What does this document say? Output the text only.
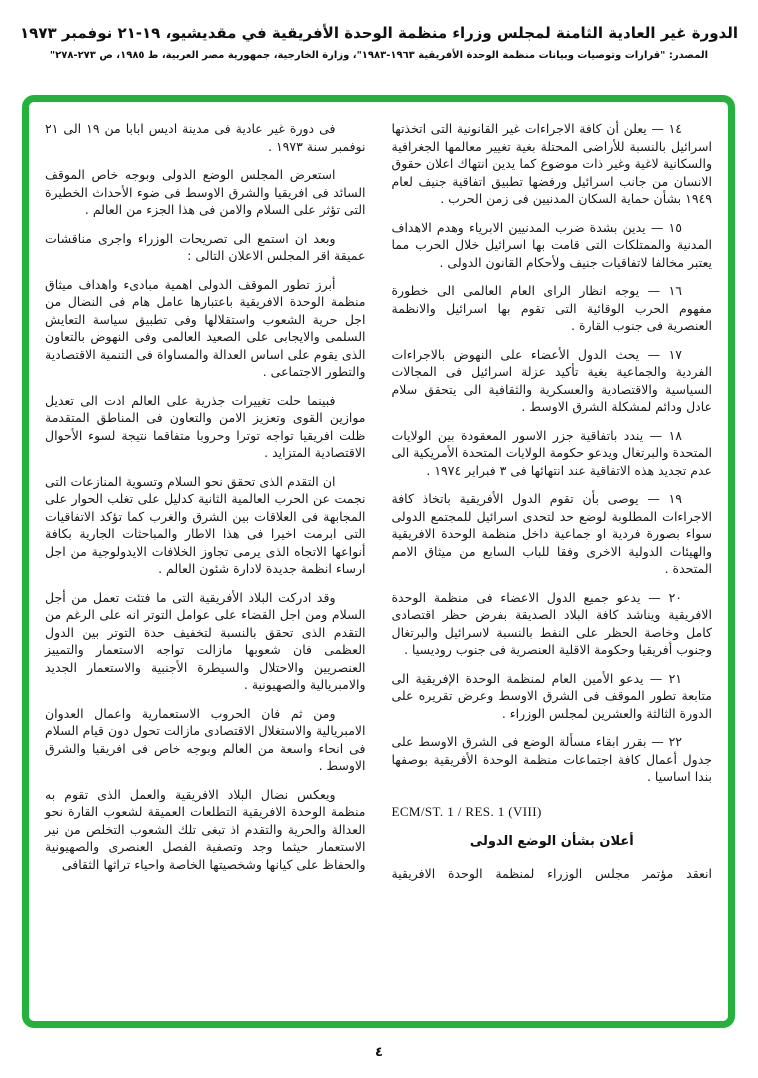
الدورة غير العادية الثامنة لمجلس وزراء منظمة الوحدة الأفريقية في مقديشيو، ١٩-٢١ نوفمبر ١٩٧٣

المصدر: "قرارات وتوصيات وبيانات منظمة الوحدة الأفريقية ١٩٦٣-١٩٨٣"، وزارة الخارجية، جمهورية مصر العربية، ط ١٩٨٥، ص ٢٧٣-٢٧٨"

١٤ — يعلن أن كافة الاجراءات غير القانونية التى اتخذتها اسرائيل بالنسبة للأراضى المحتلة بغية تغيير معالمها الجغرافية والسكانية لاغية وغير ذات موضوع كما يدين انتهاك اعلان حقوق الانسان من جانب اسرائيل ورفضها تطبيق اتفاقية جنيف لعام ١٩٤٩ بشأن حماية السكان المدنيين فى زمن الحرب .

١٥ — يدين بشدة ضرب المدنيين الابرياء وهدم الاهداف المدنية والممتلكات التى قامت بها اسرائيل خلال الحرب مما يعتبر مخالفا لاتفاقيات جنيف ولأحكام القانون الدولى .

١٦ — يوجه انظار الراى العام العالمى الى خطورة مفهوم الحرب الوقائية التى تقوم بها اسرائيل والانظمة العنصرية فى جنوب القارة .

١٧ — يحث الدول الأعضاء على النهوض بالاجراءات الفردية والجماعية بغية تأكيد عزلة اسرائيل فى المجالات السياسية والاقتصادية والعسكرية والثقافية الى يتحقق سلام عادل ودائم لمشكلة الشرق الاوسط .

١٨ — يندد باتفاقية جزر الاسور المعقودة بين الولايات المتحدة والبرتغال ويدعو حكومة الولايات المتحدة الأمريكية الى عدم تجديد هذه الاتفاقية عند انتهائها فى ٣ فبراير ١٩٧٤ .

١٩ — يوصى بأن تقوم الدول الأفريقية باتخاذ كافة الاجراءات المطلوبة لوضع حد لتحدى اسرائيل للمجتمع الدولى سواء بصورة فردية او جماعية داخل منظمة الوحدة الافريقية والهيئات الدولية الاخرى وفقا للباب السابع من ميثاق الامم المتحدة .

٢٠ — يدعو جميع الدول الاعضاء فى منظمة الوحدة الافريقية ويناشد كافة البلاد الصديقة بفرض حظر اقتصادى كامل وخاصة الحظر على النفط بالنسبة لاسرائيل والبرتغال وجنوب أفريقيا وحكومة الاقلية العنصرية فى جنوب روديسيا .

٢١ — يدعو الأمين العام لمنظمة الوحدة الإفريقية الى متابعة تطور الموقف فى الشرق الاوسط وعرض تقريره على الدورة الثالثة والعشرين لمجلس الوزراء .

٢٢ — بقرر ابقاء مسألة الوضع فى الشرق الاوسط على جدول أعمال كافة اجتماعات منظمة الوحدة الأفريقية بوصفها بندا اساسيا .

ECM/ST. 1 / RES. 1 (VIII)

أعلان بشأن الوضع الدولى

انعقد مؤتمر مجلس الوزراء لمنظمة الوحدة الافريقية

فى دورة غير عادية فى مدينة اديس ابابا من ١٩ الى ٢١ نوفمبر سنة ١٩٧٣ .

استعرض المجلس الوضع الدولى وبوجه خاص الموقف السائد فى افريقيا والشرق الاوسط فى ضوء الأحداث الخطيرة التى تؤثر على السلام والامن فى هذا الجزء من العالم .

وبعد ان استمع الى تصريحات الوزراء واجرى مناقشات عميقة اقر المجلس الاعلان التالى :

أبرز تطور الموقف الدولى اهمية مبادىء واهداف ميثاق منظمة الوحدة الافريقية باعتبارها عامل هام فى النضال من اجل حرية الشعوب واستقلالها وفى تطبيق سياسة التعايش السلمى والايجابى على الصعيد العالمى وفى النهوض بالتعاون الذى يقوم على اساس العدالة والمساواة فى التنمية الاقتصادية والتطور الاجتماعى .

فبينما حلت تغييرات جذرية على العالم ادت الى تعديل موازين القوى وتعزيز الامن والتعاون فى المناطق المتقدمة ظلت افريقيا تواجه توترا وحروبا متفاقما نتيجة لسوء الأحوال الاقتصادية المتزايد .

ان التقدم الذى تحقق نحو السلام وتسوية المنازعات التى نجمت عن الحرب العالمية الثانية كدليل على تغلب الحوار على المجابهة فى العلاقات بين الشرق والغرب كما تؤكد الاتفاقيات التى ابرمت اخيرا فى هذا الاطار والمباحثات الجارية بكافة أنواعها الاتجاه الذى يرمى تجاوز الخلافات الايدولوجية من اجل ارساء انظمة جديدة لادارة شئون العالم .

وقد ادركت البلاد الأفريقية التى ما فتئت تعمل من أجل السلام ومن اجل القضاء على عوامل التوتر انه على الرغم من التقدم الذى تحقق بالنسبة لتخفيف حدة التوتر بين الدول العظمى فان شعوبها مازالت تواجه الاستعمار والتمييز العنصريين والاحتلال والسيطرة الأجنبية والاستعمار الجديد والامبريالية والصهيونية .

ومن ثم فان الحروب الاستعمارية واعمال العدوان الامبريالية والاستغلال الاقتصادى مازالت تحول دون قيام السلام فى انحاء واسعة من العالم وبوجه خاص فى افريقيا والشرق الاوسط .

ويعكس نضال البلاد الافريقية والعمل الذى تقوم به منظمة الوحدة الافريقية التطلعات العميقة لشعوب القارة نحو العدالة والحرية والتقدم اذ تبغى تلك الشعوب التخلص من نير الاستعمار حيثما وجد وتصفية الفصل العنصرى والصهيونية والحفاظ على كيانها وشخصيتها الخاصة واحياء تراثها الثقافى

٤
